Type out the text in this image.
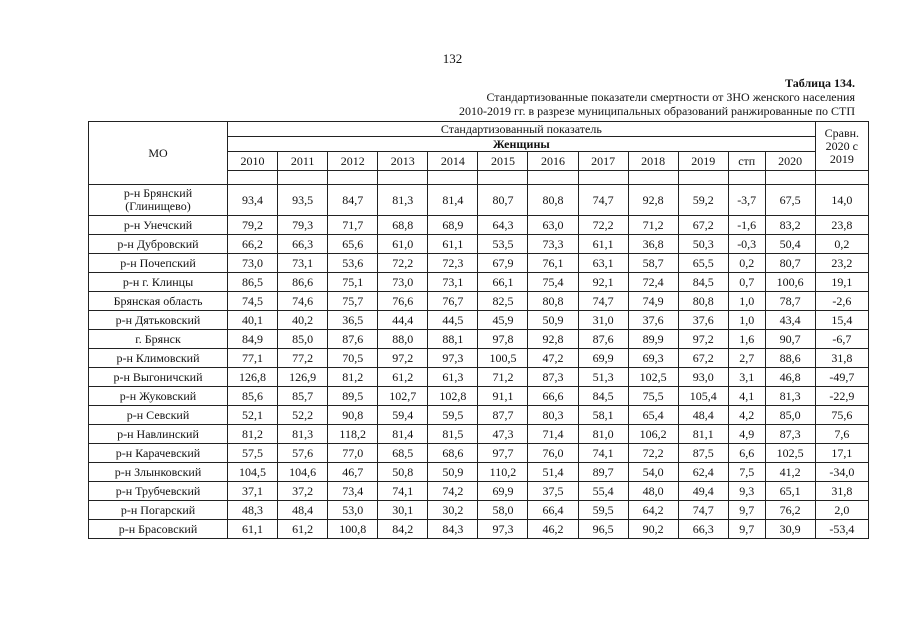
132
Таблица 134.
Стандартизованные показатели смертности от ЗНО женского населения
2010-2019 гг. в разрезе муниципальных образований ранжированные по СТП
МО	Стандартизованный показатель												Сравн. 2020 с 2019
	Женщины												
	2010	2011	2012	2013	2014	2015	2016	2017	2018	2019	стп	2020	

р-н Брянский (Глинищево)	93,4	93,5	84,7	81,3	81,4	80,7	80,8	74,7	92,8	59,2	-3,7	67,5	14,0
р-н Унечский	79,2	79,3	71,7	68,8	68,9	64,3	63,0	72,2	71,2	67,2	-1,6	83,2	23,8
р-н Дубровский	66,2	66,3	65,6	61,0	61,1	53,5	73,3	61,1	36,8	50,3	-0,3	50,4	0,2
р-н Почепский	73,0	73,1	53,6	72,2	72,3	67,9	76,1	63,1	58,7	65,5	0,2	80,7	23,2
р-н г. Клинцы	86,5	86,6	75,1	73,0	73,1	66,1	75,4	92,1	72,4	84,5	0,7	100,6	19,1
Брянская область	74,5	74,6	75,7	76,6	76,7	82,5	80,8	74,7	74,9	80,8	1,0	78,7	-2,6
р-н Дятьковский	40,1	40,2	36,5	44,4	44,5	45,9	50,9	31,0	37,6	37,6	1,0	43,4	15,4
г. Брянск	84,9	85,0	87,6	88,0	88,1	97,8	92,8	87,6	89,9	97,2	1,6	90,7	-6,7
р-н Климовский	77,1	77,2	70,5	97,2	97,3	100,5	47,2	69,9	69,3	67,2	2,7	88,6	31,8
р-н Выгоничский	126,8	126,9	81,2	61,2	61,3	71,2	87,3	51,3	102,5	93,0	3,1	46,8	-49,7
р-н Жуковский	85,6	85,7	89,5	102,7	102,8	91,1	66,6	84,5	75,5	105,4	4,1	81,3	-22,9
р-н Севский	52,1	52,2	90,8	59,4	59,5	87,7	80,3	58,1	65,4	48,4	4,2	85,0	75,6
р-н Навлинский	81,2	81,3	118,2	81,4	81,5	47,3	71,4	81,0	106,2	81,1	4,9	87,3	7,6
р-н Карачевский	57,5	57,6	77,0	68,5	68,6	97,7	76,0	74,1	72,2	87,5	6,6	102,5	17,1
р-н Злынковский	104,5	104,6	46,7	50,8	50,9	110,2	51,4	89,7	54,0	62,4	7,5	41,2	-34,0
р-н Трубчевский	37,1	37,2	73,4	74,1	74,2	69,9	37,5	55,4	48,0	49,4	9,3	65,1	31,8
р-н Погарский	48,3	48,4	53,0	30,1	30,2	58,0	66,4	59,5	64,2	74,7	9,7	76,2	2,0
р-н Брасовский	61,1	61,2	100,8	84,2	84,3	97,3	46,2	96,5	90,2	66,3	9,7	30,9	-53,4
